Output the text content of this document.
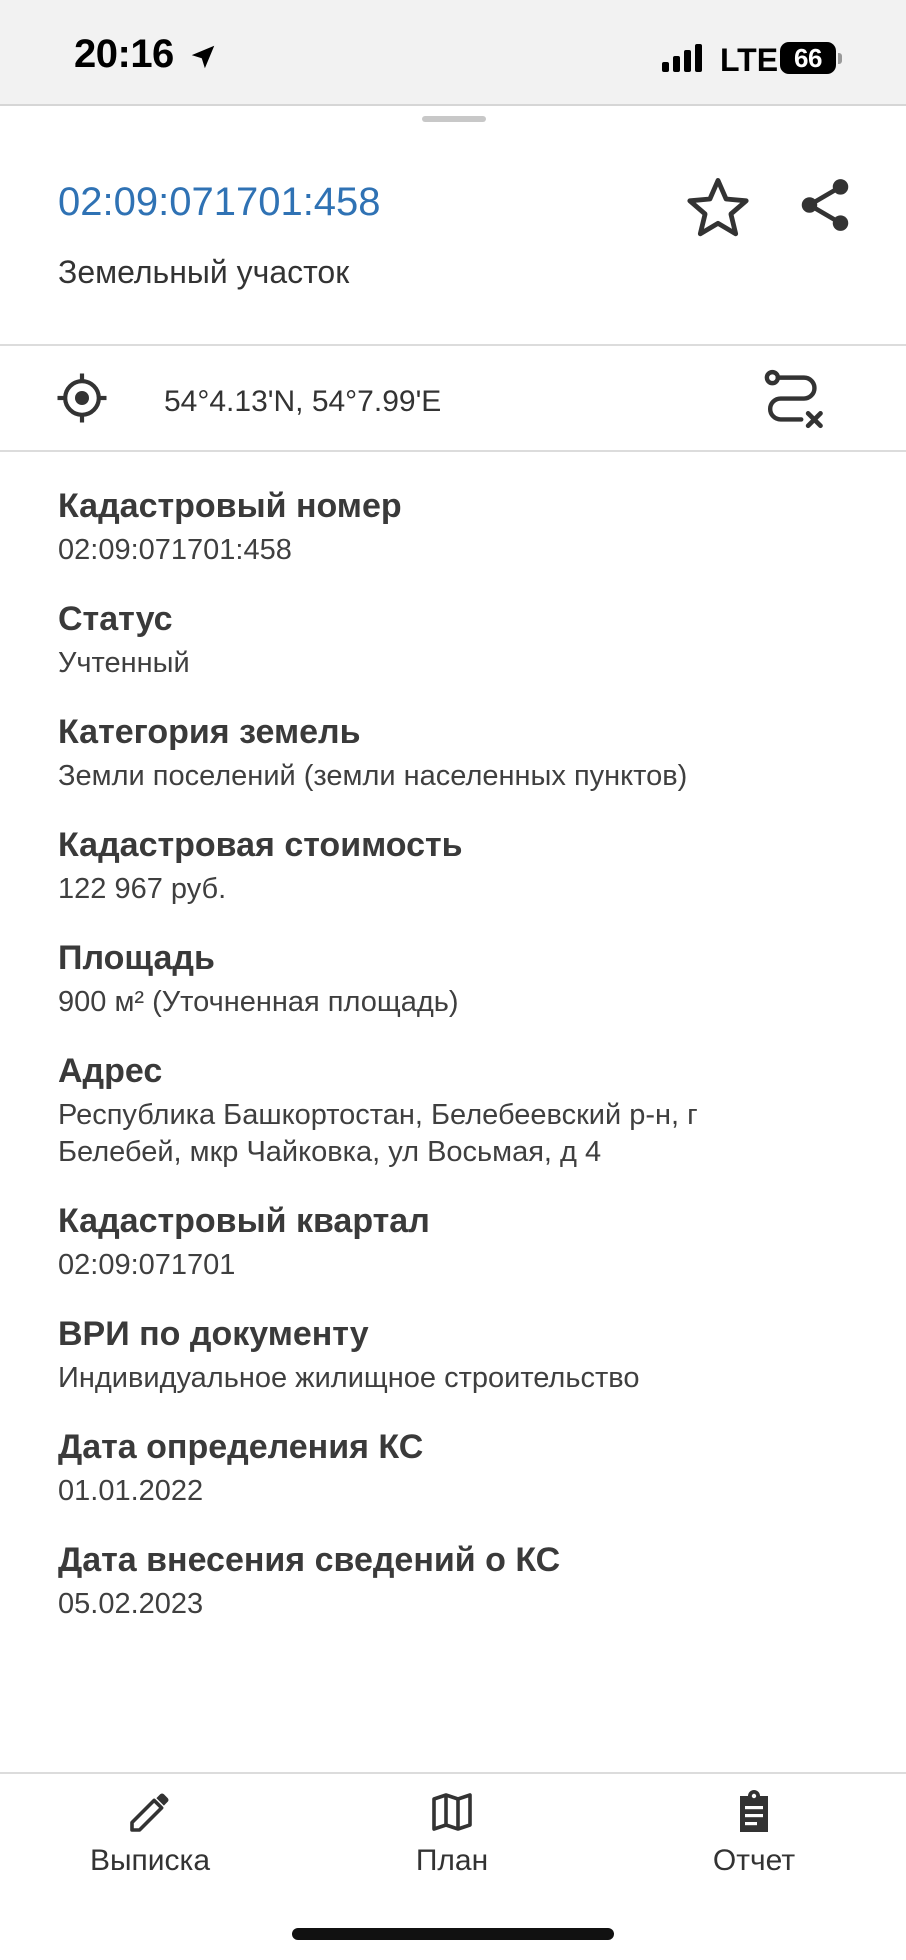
20:16	LTE 66
02:09:071701:458
Земельный участок
54°4.13'N, 54°7.99'E
Кадастровый номер
02:09:071701:458
Статус
Учтенный
Категория земель
Земли поселений (земли населенных пунктов)
Кадастровая стоимость
122 967 руб.
Площадь
900 м² (Уточненная площадь)
Адрес
Республика Башкортостан, Белебеевский р-н, г Белебей, мкр Чайковка, ул Восьмая, д 4
Кадастровый квартал
02:09:071701
ВРИ по документу
Индивидуальное жилищное строительство
Дата определения КС
01.01.2022
Дата внесения сведений о КС
05.02.2023
Выписка	План	Отчет
